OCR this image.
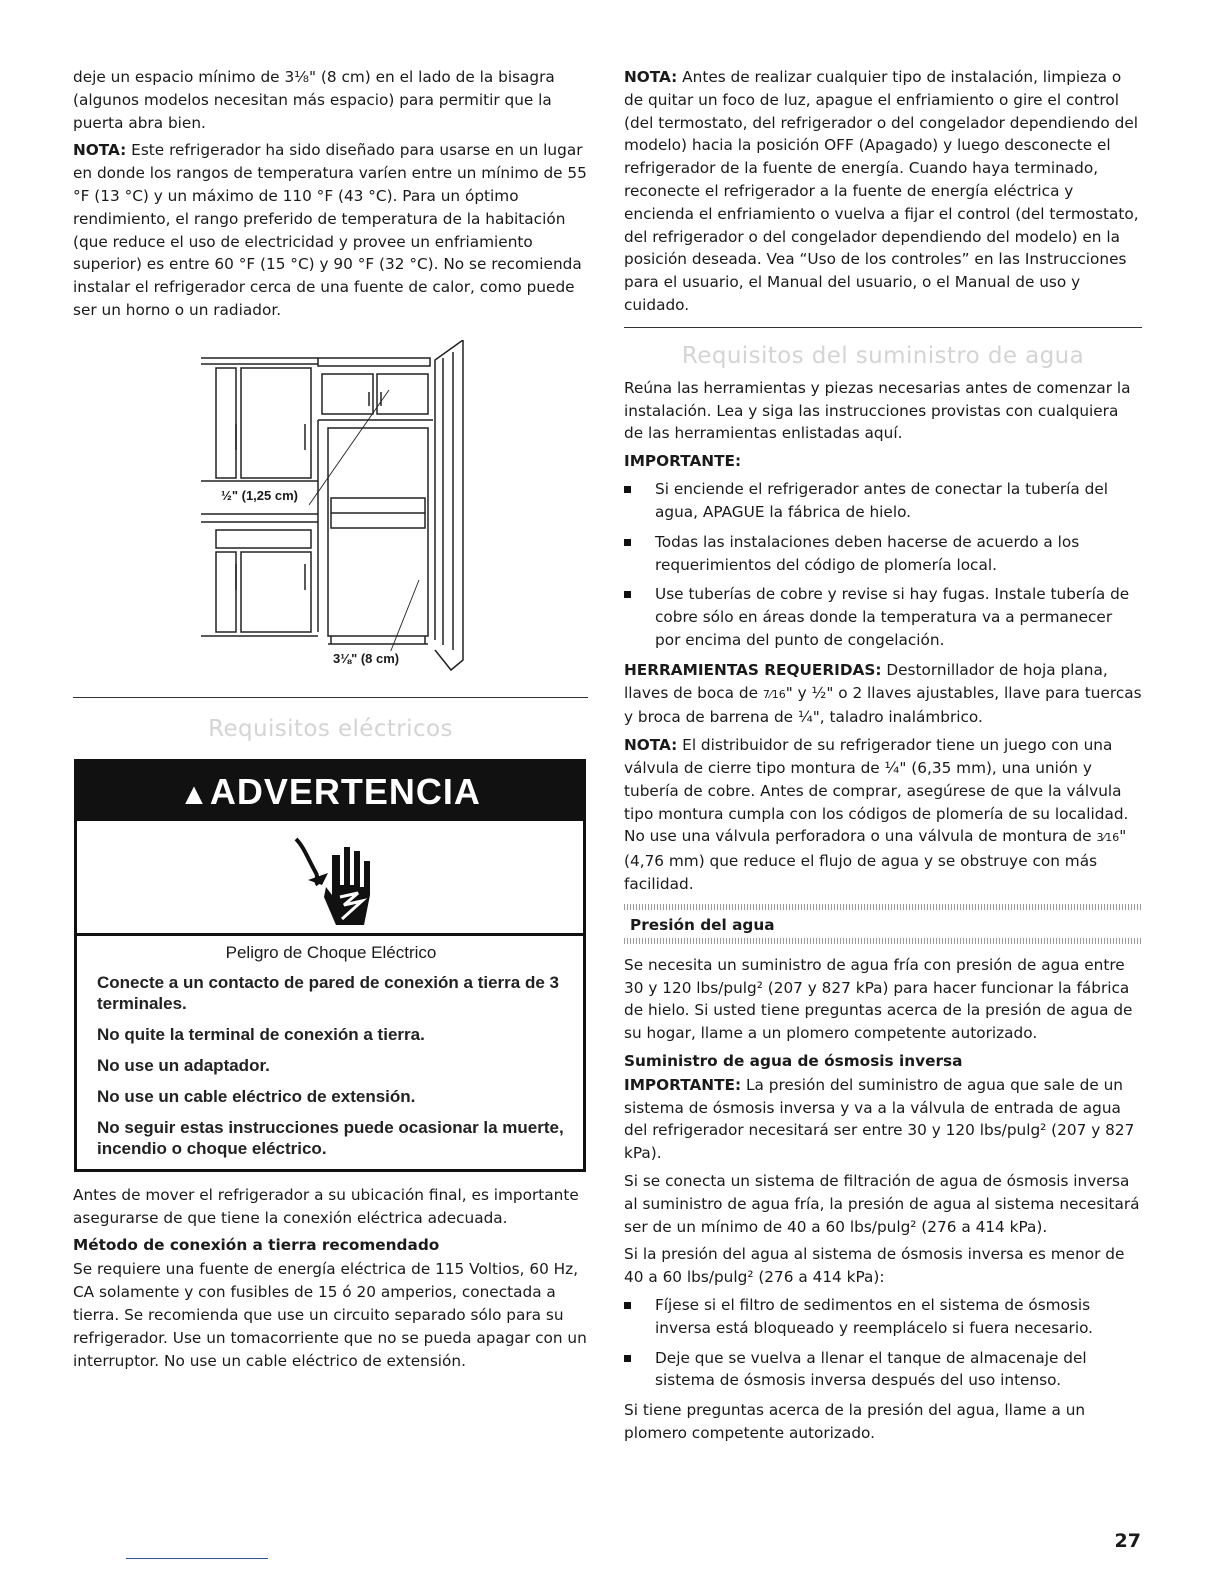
deje un espacio mínimo de 3⅛" (8 cm) en el lado de la bisagra (algunos modelos necesitan más espacio) para permitir que la puerta abra bien.

NOTA: Este refrigerador ha sido diseñado para usarse en un lugar en donde los rangos de temperatura varíen entre un mínimo de 55 °F (13 °C) y un máximo de 110 °F (43 °C). Para un óptimo rendimiento, el rango preferido de temperatura de la habitación (que reduce el uso de electricidad y provee un enfriamiento superior) es entre 60 °F (15 °C) y 90 °F (32 °C). No se recomienda instalar el refrigerador cerca de una fuente de calor, como puede ser un horno o un radiador.

½" (1,25 cm)
3⅛" (8 cm)
Requisitos eléctricos
▲ADVERTENCIA
Peligro de Choque Eléctrico
Conecte a un contacto de pared de conexión a tierra de 3 terminales.
No quite la terminal de conexión a tierra.
No use un adaptador.
No use un cable eléctrico de extensión.
No seguir estas instrucciones puede ocasionar la muerte, incendio o choque eléctrico.

Antes de mover el refrigerador a su ubicación final, es importante asegurarse de que tiene la conexión eléctrica adecuada.

Método de conexión a tierra recomendado

Se requiere una fuente de energía eléctrica de 115 Voltios, 60 Hz, CA solamente y con fusibles de 15 ó 20 amperios, conectada a tierra. Se recomienda que use un circuito separado sólo para su refrigerador. Use un tomacorriente que no se pueda apagar con un interruptor. No use un cable eléctrico de extensión.

NOTA: Antes de realizar cualquier tipo de instalación, limpieza o de quitar un foco de luz, apague el enfriamiento o gire el control (del termostato, del refrigerador o del congelador dependiendo del modelo) hacia la posición OFF (Apagado) y luego desconecte el refrigerador de la fuente de energía. Cuando haya terminado, reconecte el refrigerador a la fuente de energía eléctrica y encienda el enfriamiento o vuelva a fijar el control (del termostato, del refrigerador o del congelador dependiendo del modelo) en la posición deseada. Vea “Uso de los controles” en las Instrucciones para el usuario, el Manual del usuario, o el Manual de uso y cuidado.

Requisitos del suministro de agua

Reúna las herramientas y piezas necesarias antes de comenzar la instalación. Lea y siga las instrucciones provistas con cualquiera de las herramientas enlistadas aquí.

IMPORTANTE:
Si enciende el refrigerador antes de conectar la tubería del agua, APAGUE la fábrica de hielo.
Todas las instalaciones deben hacerse de acuerdo a los requerimientos del código de plomería local.
Use tuberías de cobre y revise si hay fugas. Instale tubería de cobre sólo en áreas donde la temperatura va a permanecer por encima del punto de congelación.

HERRAMIENTAS REQUERIDAS: Destornillador de hoja plana, llaves de boca de 7⁄16" y ½" o 2 llaves ajustables, llave para tuercas y broca de barrena de ¼", taladro inalámbrico.

NOTA: El distribuidor de su refrigerador tiene un juego con una válvula de cierre tipo montura de ¼" (6,35 mm), una unión y tubería de cobre. Antes de comprar, asegúrese de que la válvula tipo montura cumpla con los códigos de plomería de su localidad. No use una válvula perforadora o una válvula de montura de 3⁄16" (4,76 mm) que reduce el flujo de agua y se obstruye con más facilidad.

Presión del agua

Se necesita un suministro de agua fría con presión de agua entre 30 y 120 lbs/pulg² (207 y 827 kPa) para hacer funcionar la fábrica de hielo. Si usted tiene preguntas acerca de la presión de agua de su hogar, llame a un plomero competente autorizado.

Suministro de agua de ósmosis inversa

IMPORTANTE: La presión del suministro de agua que sale de un sistema de ósmosis inversa y va a la válvula de entrada de agua del refrigerador necesitará ser entre 30 y 120 lbs/pulg² (207 y 827 kPa).

Si se conecta un sistema de filtración de agua de ósmosis inversa al suministro de agua fría, la presión de agua al sistema necesitará ser de un mínimo de 40 a 60 lbs/pulg² (276 a 414 kPa).

Si la presión del agua al sistema de ósmosis inversa es menor de 40 a 60 lbs/pulg² (276 a 414 kPa):

Fíjese si el filtro de sedimentos en el sistema de ósmosis inversa está bloqueado y reemplácelo si fuera necesario.
Deje que se vuelva a llenar el tanque de almacenaje del sistema de ósmosis inversa después del uso intenso.

Si tiene preguntas acerca de la presión del agua, llame a un plomero competente autorizado.

27
